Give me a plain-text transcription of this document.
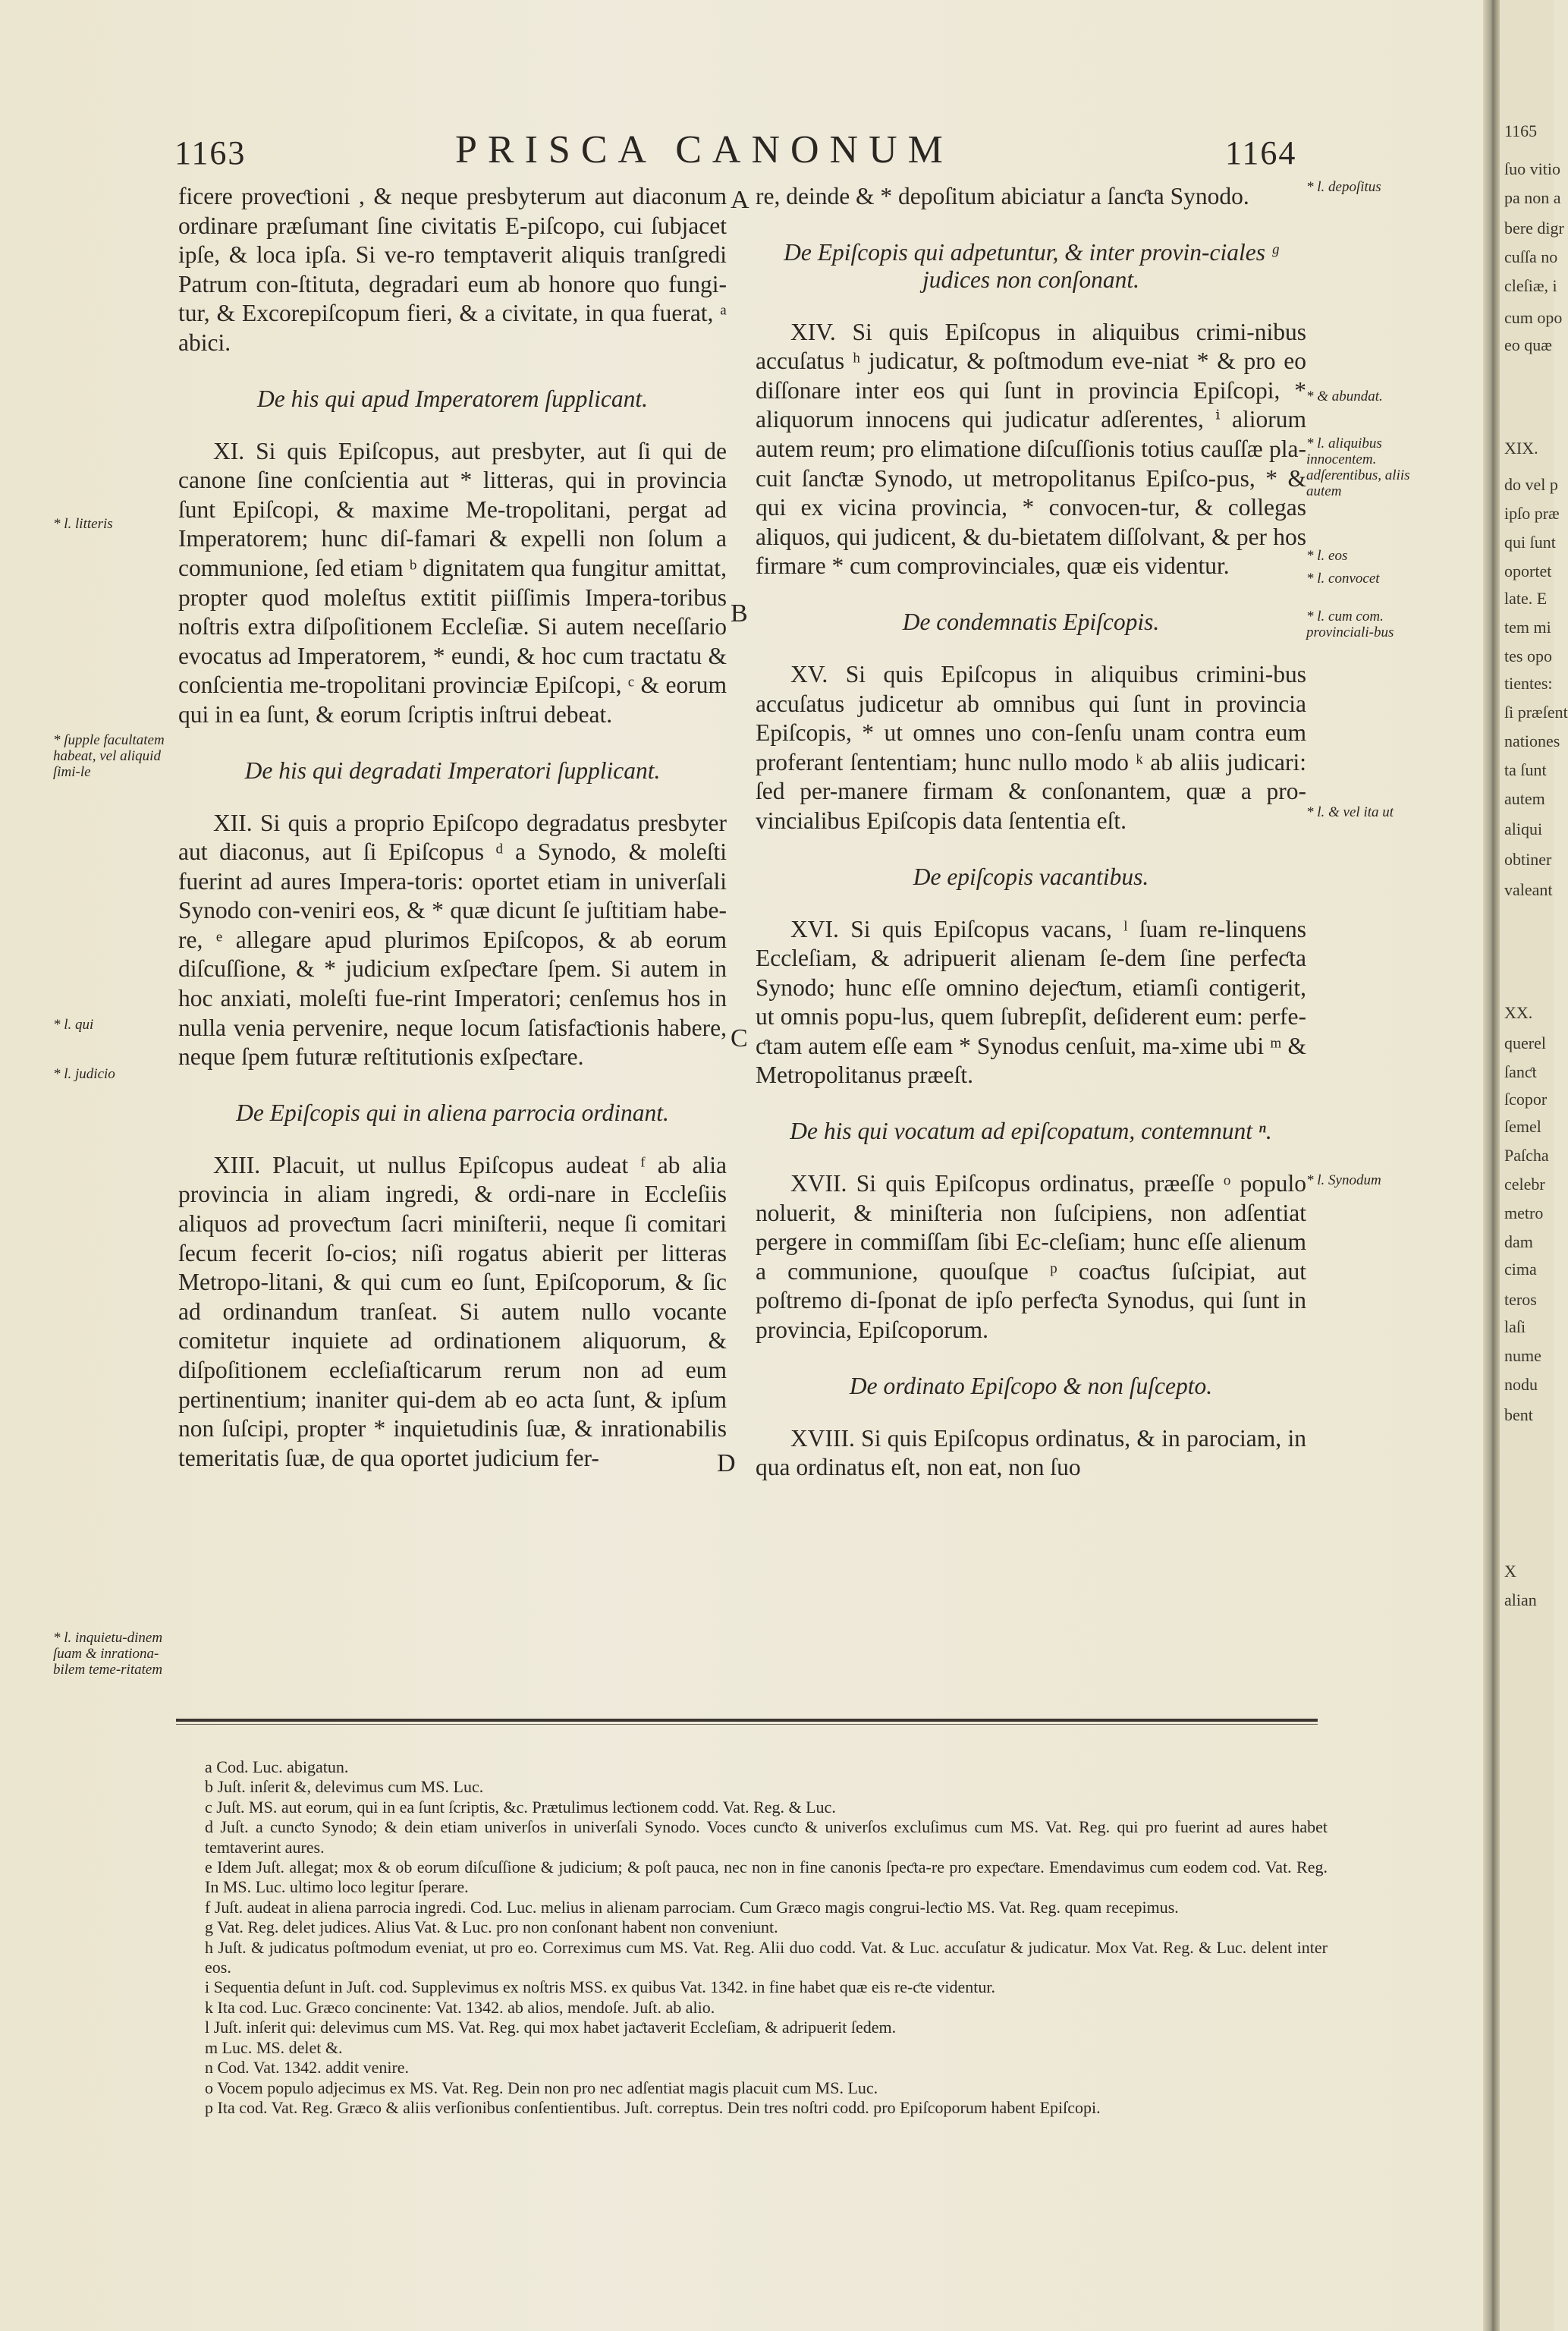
1163	PRISCA CANONUM	1164

ficere proveƈtioni , & neque presbyterum aut diaconum ordinare præſumant ſine civitatis E-piſcopo, cui ſubjacet ipſe, & loca ipſa. Si ve-ro temptaverit aliquis tranſgredi Patrum con-ſtituta, degradari eum ab honore quo fungi-tur, & Excorepiſcopum fieri, & a civitate, in qua fuerat, ᵃ abici.

De his qui apud Imperatorem ſupplicant.

XI. Si quis Epiſcopus, aut presbyter, aut ſi qui de canone ſine conſcientia aut * litteras, qui in provincia ſunt Epiſcopi, & maxime Me-tropolitani, pergat ad Imperatorem; hunc diſ-famari & expelli non ſolum a communione, ſed etiam ᵇ dignitatem qua fungitur amittat, propter quod moleſtus extitit piiſſimis Impera-toribus noſtris extra diſpoſitionem Eccleſiæ. Si autem neceſſario evocatus ad Imperatorem, * eundi, & hoc cum tractatu & conſcientia me-tropolitani provinciæ Epiſcopi, ᶜ & eorum qui in ea ſunt, & eorum ſcriptis inſtrui debeat.

De his qui degradati Imperatori ſupplicant.

XII. Si quis a proprio Epiſcopo degradatus presbyter aut diaconus, aut ſi Epiſcopus ᵈ a Synodo, & moleſti fuerint ad aures Impera-toris: oportet etiam in univerſali Synodo con-veniri eos, & * quæ dicunt ſe juſtitiam habe-re, ᵉ allegare apud plurimos Epiſcopos, & ab eorum diſcuſſione, & * judicium exſpeƈtare ſpem. Si autem in hoc anxiati, moleſti fue-rint Imperatori; cenſemus hos in nulla venia pervenire, neque locum ſatisfaƈtionis habere, neque ſpem futuræ reſtitutionis exſpeƈtare.

De Epiſcopis qui in aliena parrocia ordinant.

XIII. Placuit, ut nullus Epiſcopus audeat ᶠ ab alia provincia in aliam ingredi, & ordi-nare in Eccleſiis aliquos ad proveƈtum ſacri miniſterii, neque ſi comitari ſecum fecerit ſo-cios; niſi rogatus abierit per litteras Metropo-litani, & qui cum eo ſunt, Epiſcoporum, & ſic ad ordinandum tranſeat. Si autem nullo vocante comitetur inquiete ad ordinationem aliquorum, & diſpoſitionem eccleſiaſticarum rerum non ad eum pertinentium; inaniter qui-dem ab eo acta ſunt, & ipſum non ſuſcipi, propter * inquietudinis ſuæ, & inrationabilis temeritatis ſuæ, de qua oportet judicium fer-

re, deinde & * depoſitum abiciatur a ſanƈta Synodo.

De Epiſcopis qui adpetuntur, & inter provin-ciales ᵍ judices non conſonant.

XIV. Si quis Epiſcopus in aliquibus crimi-nibus accuſatus ʰ judicatur, & poſtmodum eve-niat * & pro eo diſſonare inter eos qui ſunt in provincia Epiſcopi, * aliquorum innocens qui judicatur adſerentes, ⁱ aliorum autem reum; pro elimatione diſcuſſionis totius cauſſæ pla-cuit ſanƈtæ Synodo, ut metropolitanus Epiſco-pus, * & qui ex vicina provincia, * convocen-tur, & collegas aliquos, qui judicent, & du-bietatem diſſolvant, & per hos firmare * cum comprovinciales, quæ eis videntur.

De condemnatis Epiſcopis.

XV. Si quis Epiſcopus in aliquibus crimini-bus accuſatus judicetur ab omnibus qui ſunt in provincia Epiſcopis, * ut omnes uno con-ſenſu unam contra eum proferant ſententiam; hunc nullo modo ᵏ ab aliis judicari: ſed per-manere firmam & conſonantem, quæ a pro-vincialibus Epiſcopis data ſententia eſt.

De epiſcopis vacantibus.

XVI. Si quis Epiſcopus vacans, ˡ ſuam re-linquens Eccleſiam, & adripuerit alienam ſe-dem ſine perfeƈta Synodo; hunc eſſe omnino dejeƈtum, etiamſi contigerit, ut omnis popu-lus, quem ſubrepſit, deſiderent eum: perfe-ƈtam autem eſſe eam * Synodus cenſuit, ma-xime ubi ᵐ & Metropolitanus præeſt.

De his qui vocatum ad epiſcopatum, contemnunt ⁿ.

XVII. Si quis Epiſcopus ordinatus, præeſſe ᵒ populo noluerit, & miniſteria non ſuſcipiens, non adſentiat pergere in commiſſam ſibi Ec-cleſiam; hunc eſſe alienum a communione, quouſque ᵖ coaƈtus ſuſcipiat, aut poſtremo di-ſponat de ipſo perfeƈta Synodus, qui ſunt in provincia, Epiſcoporum.

De ordinato Epiſcopo & non ſuſcepto.

XVIII. Si quis Epiſcopus ordinatus, & in parociam, in qua ordinatus eſt, non eat, non ſuo

A
B
C
D
* l. litteris
* ſupple facultatem habeat, vel aliquid ſimi-le
* l. qui
* l. judicio
* l. inquietu-dinem ſuam & inrationa-bilem teme-ritatem
* l. depoſitus
* & abundat.
* l. aliquibus innocentem. adſerentibus, aliis autem
* l. eos
* l. convocet
* l. cum com. provinciali-bus
* l. & vel ita ut
* l. Synodum
a Cod. Luc. abigatun.
b Juſt. inſerit &, delevimus cum MS. Luc.
c Juſt. MS. aut eorum, qui in ea ſunt ſcriptis, &c. Prætulimus leƈtionem codd. Vat. Reg. & Luc.
d Juſt. a cunƈto Synodo; & dein etiam univerſos in univerſali Synodo. Voces cunƈto & univerſos excluſimus cum MS. Vat. Reg. qui pro fuerint ad aures habet temtaverint aures.
e Idem Juſt. allegat; mox & ob eorum diſcuſſione & judicium; & poſt pauca, nec non in fine canonis ſpeƈta-re pro expeƈtare. Emendavimus cum eodem cod. Vat. Reg. In MS. Luc. ultimo loco legitur ſperare.
f Juſt. audeat in aliena parrocia ingredi. Cod. Luc. melius in alienam parrociam. Cum Græco magis congrui-leƈtio MS. Vat. Reg. quam recepimus.
g Vat. Reg. delet judices. Alius Vat. & Luc. pro non conſonant habent non conveniunt.
h Juſt. & judicatus poſtmodum eveniat, ut pro eo. Correximus cum MS. Vat. Reg. Alii duo codd. Vat. & Luc. accuſatur & judicatur. Mox Vat. Reg. & Luc. delent inter eos.
i Sequentia deſunt in Juſt. cod. Supplevimus ex noſtris MSS. ex quibus Vat. 1342. in fine habet quæ eis re-ƈte videntur.
k Ita cod. Luc. Græco concinente: Vat. 1342. ab alios, mendoſe. Juſt. ab alio.
l Juſt. inſerit qui: delevimus cum MS. Vat. Reg. qui mox habet jaƈtaverit Eccleſiam, & adripuerit ſedem.
m Luc. MS. delet &.
n Cod. Vat. 1342. addit venire.
o Vocem populo adjecimus ex MS. Vat. Reg. Dein non pro nec adſentiat magis placuit cum MS. Luc.
p Ita cod. Vat. Reg. Græco & aliis verſionibus conſentientibus. Juſt. correptus. Dein tres noſtri codd. pro Epiſcoporum habent Epiſcopi.
1165
ſuo vitio
pa non a
bere digr
cuſſa no
cleſiæ, i
cum opo
eo quæ
XIX.
do vel p
ipſo præ
qui ſunt
oportet
late. E
tem mi
tes opo
tientes:
ſi præſent
nationes
ta ſunt
autem
aliqui
obtiner
valeant
XX.
querel
ſanƈt
ſcopor
ſemel
Paſcha
celebr
metro
dam
cima
teros
laſi
nume
nodu
bent
X
alian
